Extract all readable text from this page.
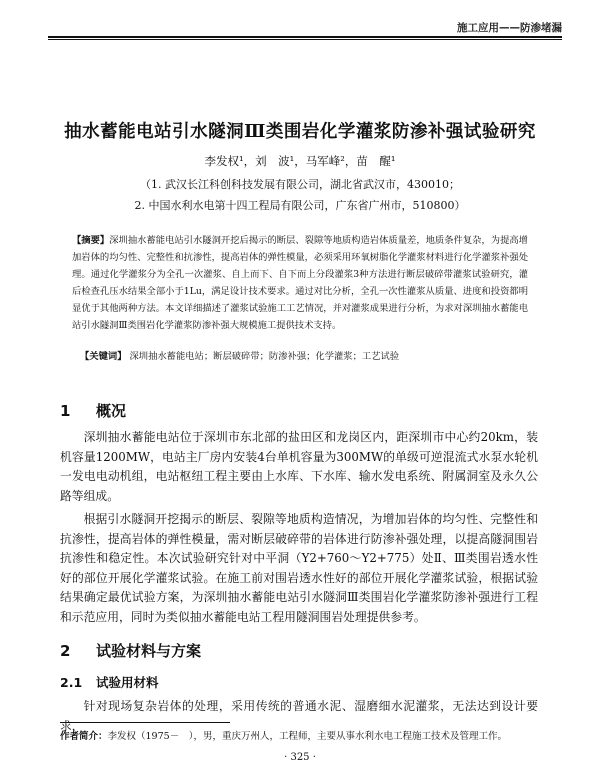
施工应用——防渗堵漏
抽水蓄能电站引水隧洞Ⅲ类围岩化学灌浆防渗补强试验研究
李发权¹，刘　波¹，马军峰²，苗　醒¹
（1. 武汉长江科创科技发展有限公司，湖北省武汉市，430010；
2. 中国水利水电第十四工程局有限公司，广东省广州市，510800）
【摘要】深圳抽水蓄能电站引水隧洞开挖后揭示的断层、裂隙等地质构造岩体质量差，地质条件复杂，为提高增加岩体的均匀性、完整性和抗渗性，提高岩体的弹性模量，必须采用环氧树脂化学灌浆材料进行化学灌浆补强处理。通过化学灌浆分为全孔一次灌浆、自上而下、自下而上分段灌浆3种方法进行断层破碎带灌浆试验研究，灌后检查孔压水结果全部小于1Lu，满足设计技术要求。通过对比分析，全孔一次性灌浆从质量、进度和投资都明显优于其他两种方法。本文详细描述了灌浆试验施工工艺情况，并对灌浆成果进行分析，为求对深圳抽水蓄能电站引水隧洞Ⅲ类围岩化学灌浆防渗补强大规模施工提供技术支持。
【关键词】 深圳抽水蓄能电站；断层破碎带；防渗补强；化学灌浆；工艺试验
1 概况
深圳抽水蓄能电站位于深圳市东北部的盐田区和龙岗区内，距深圳市中心约20km，装机容量1200MW，电站主厂房内安装4台单机容量为300MW的单级可逆混流式水泵水轮机一发电电动机组，电站枢纽工程主要由上水库、下水库、输水发电系统、附属洞室及永久公路等组成。
根据引水隧洞开挖揭示的断层、裂隙等地质构造情况，为增加岩体的均匀性、完整性和抗渗性，提高岩体的弹性模量，需对断层破碎带的岩体进行防渗补强处理，以提高隧洞围岩抗渗性和稳定性。本次试验研究针对中平洞（Y2+760～Y2+775）处Ⅱ、Ⅲ类围岩透水性好的部位开展化学灌浆试验。在施工前对围岩透水性好的部位开展化学灌浆试验，根据试验结果确定最优试验方案，为深圳抽水蓄能电站引水隧洞Ⅲ类围岩化学灌浆防渗补强进行工程和示范应用，同时为类似抽水蓄能电站工程用隧洞围岩处理提供参考。
2 试验材料与方案
2.1 试验用材料
针对现场复杂岩体的处理，采用传统的普通水泥、湿磨细水泥灌浆，无法达到设计要求，
作者简介：李发权（1975－　），男，重庆万州人，工程师，主要从事水利水电工程施工技术及管理工作。
· 325 ·
